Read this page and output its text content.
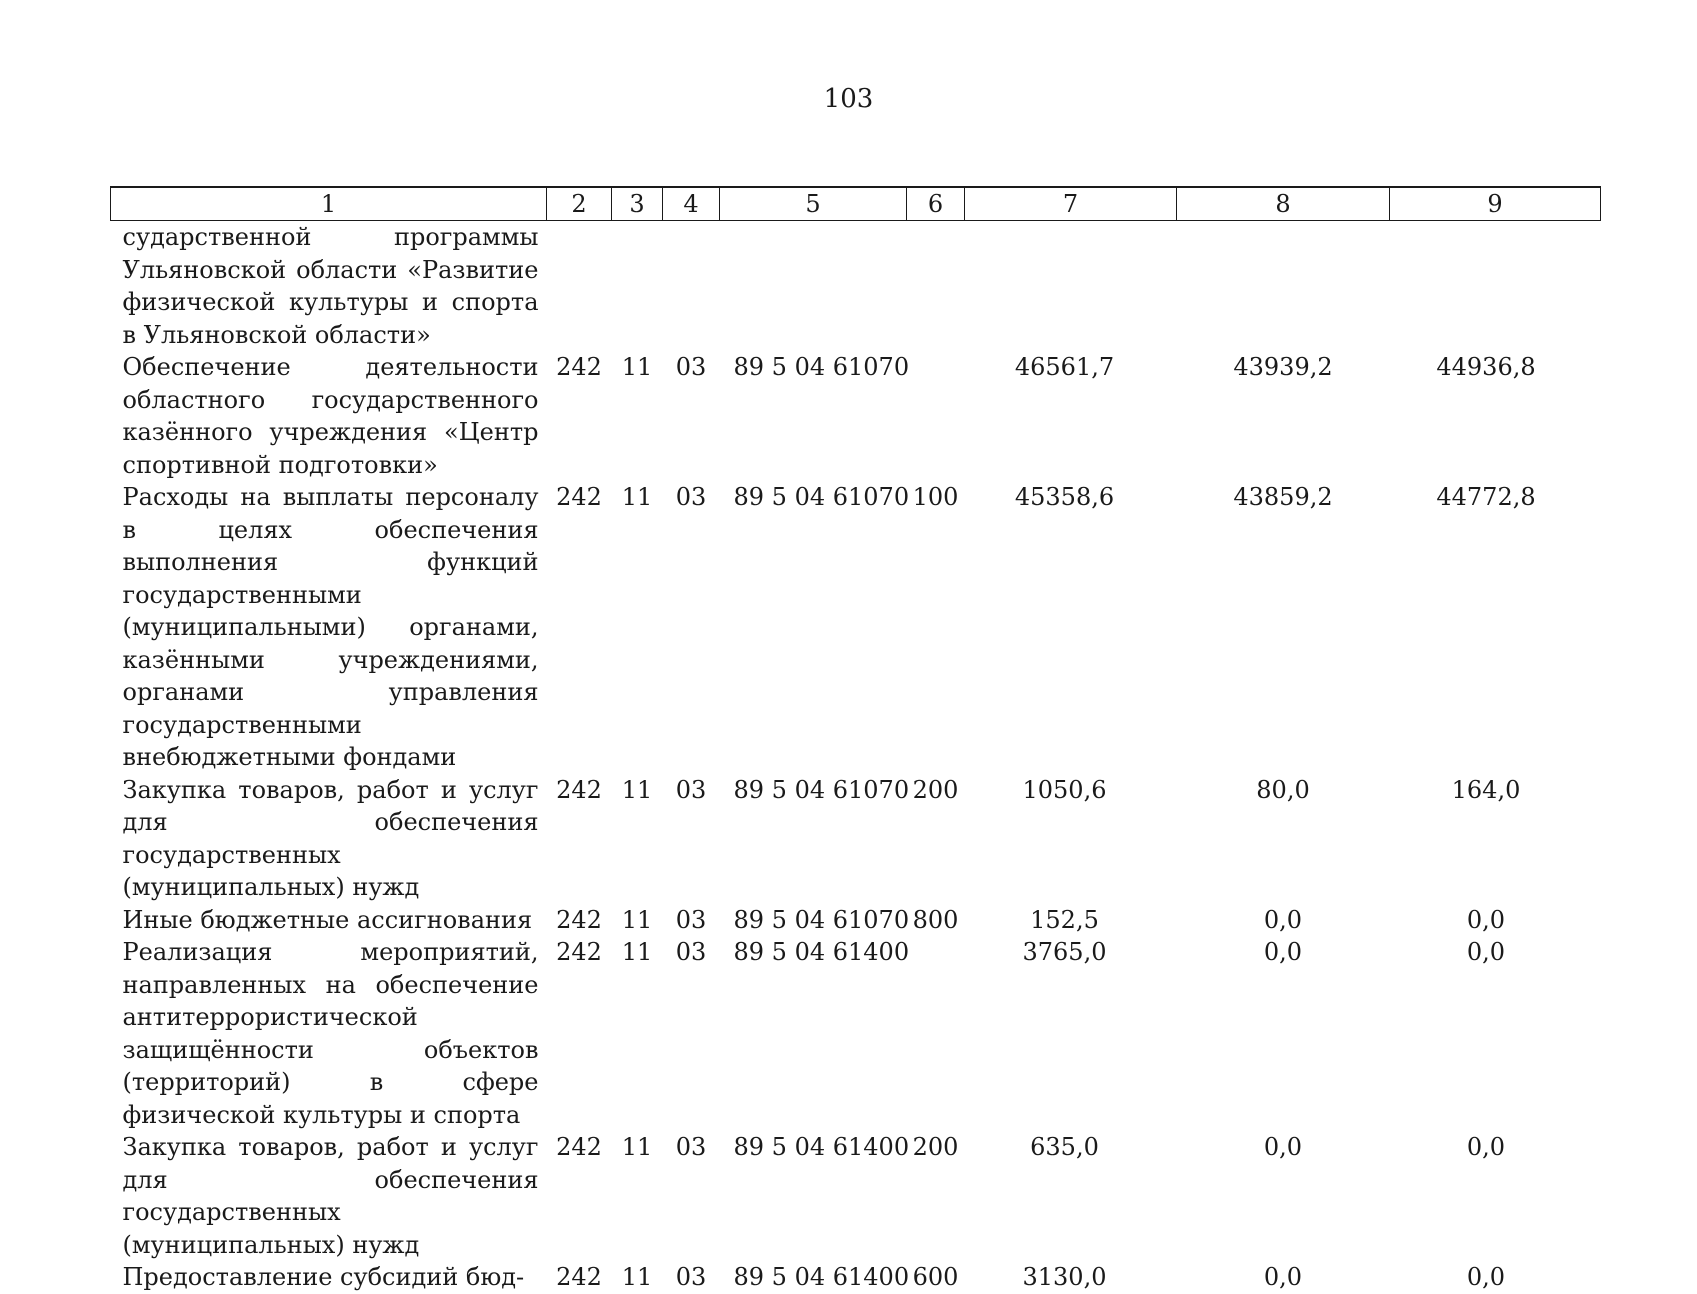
103
1	2	3	4	5	6	7	8	9
сударственной программы Ульяновской области «Развитие физической культуры и спорта в Ульяновской области»								
Обеспечение деятельности областного государственного казённого учреждения «Центр спортивной подготовки»	242	11	03	89 5 04 61070		46561,7	43939,2	44936,8
Расходы на выплаты персоналу в целях обеспечения выполнения функций государственными (муниципальными) органами, казёнными учреждениями, органами управления государственными внебюджетными фондами	242	11	03	89 5 04 61070	100	45358,6	43859,2	44772,8
Закупка товаров, работ и услуг для обеспечения государственных (муниципальных) нужд	242	11	03	89 5 04 61070	200	1050,6	80,0	164,0
Иные бюджетные ассигнования	242	11	03	89 5 04 61070	800	152,5	0,0	0,0
Реализация мероприятий, направленных на обеспечение антитеррористической защищённости объектов (территорий) в сфере физической культуры и спорта	242	11	03	89 5 04 61400		3765,0	0,0	0,0
Закупка товаров, работ и услуг для обеспечения государственных (муниципальных) нужд	242	11	03	89 5 04 61400	200	635,0	0,0	0,0
Предоставление субсидий бюд-	242	11	03	89 5 04 61400	600	3130,0	0,0	0,0
